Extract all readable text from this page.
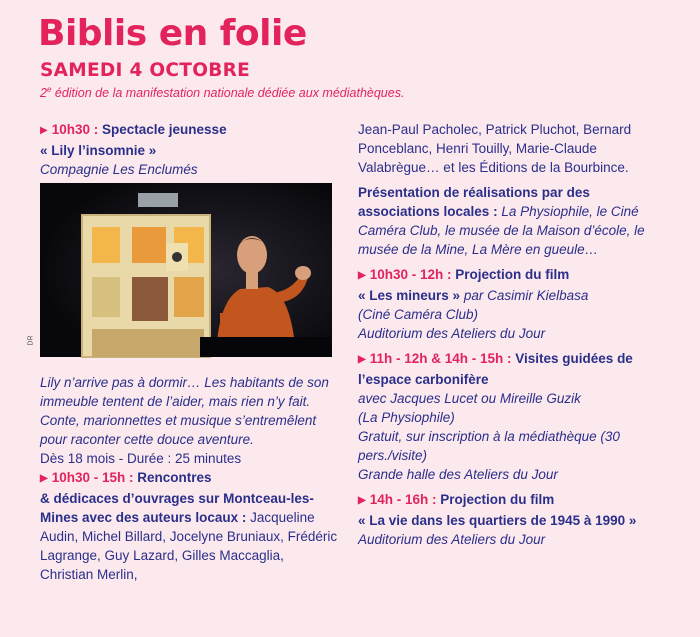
Biblis en folie

SAMEDI 4 OCTOBRE

2e édition de la manifestation nationale dédiée aux médiathèques.

▶ 10h30 : Spectacle jeunesse

« Lily l’insomnie »

Compagnie Les Enclumés

DR

Lily n’arrive pas à dormir… Les habitants de son immeuble tentent de l’aider, mais rien n’y fait. Conte, marionnettes et musique s’entremêlent pour raconter cette douce aventure.

Dès 18 mois - Durée : 25 minutes

▶ 10h30 - 15h : Rencontres

& dédicaces d’ouvrages sur Montceau-les-Mines avec des auteurs locaux : Jacqueline Audin, Michel Billard, Jocelyne Bruniaux, Frédéric Lagrange, Guy Lazard, Gilles Maccaglia, Christian Merlin,

Jean-Paul Pacholec, Patrick Pluchot, Bernard Ponceblanc, Henri Touilly, Marie-Claude Valabrègue… et les Éditions de la Bourbince.

Présentation de réalisations par des associations locales : La Physiophile, le Ciné Caméra Club, le musée de la Maison d’école, le musée de la Mine, La Mère en gueule…

▶ 10h30 - 12h : Projection du film

« Les mineurs » par Casimir Kielbasa

(Ciné Caméra Club)

Auditorium des Ateliers du Jour

▶ 11h - 12h & 14h - 15h : Visites guidées de l’espace carbonifère

avec Jacques Lucet ou Mireille Guzik

(La Physiophile)

Gratuit, sur inscription à la médiathèque (30 pers./visite)

Grande halle des Ateliers du Jour

▶ 14h - 16h : Projection du film

« La vie dans les quartiers de 1945 à 1990 »

Auditorium des Ateliers du Jour
